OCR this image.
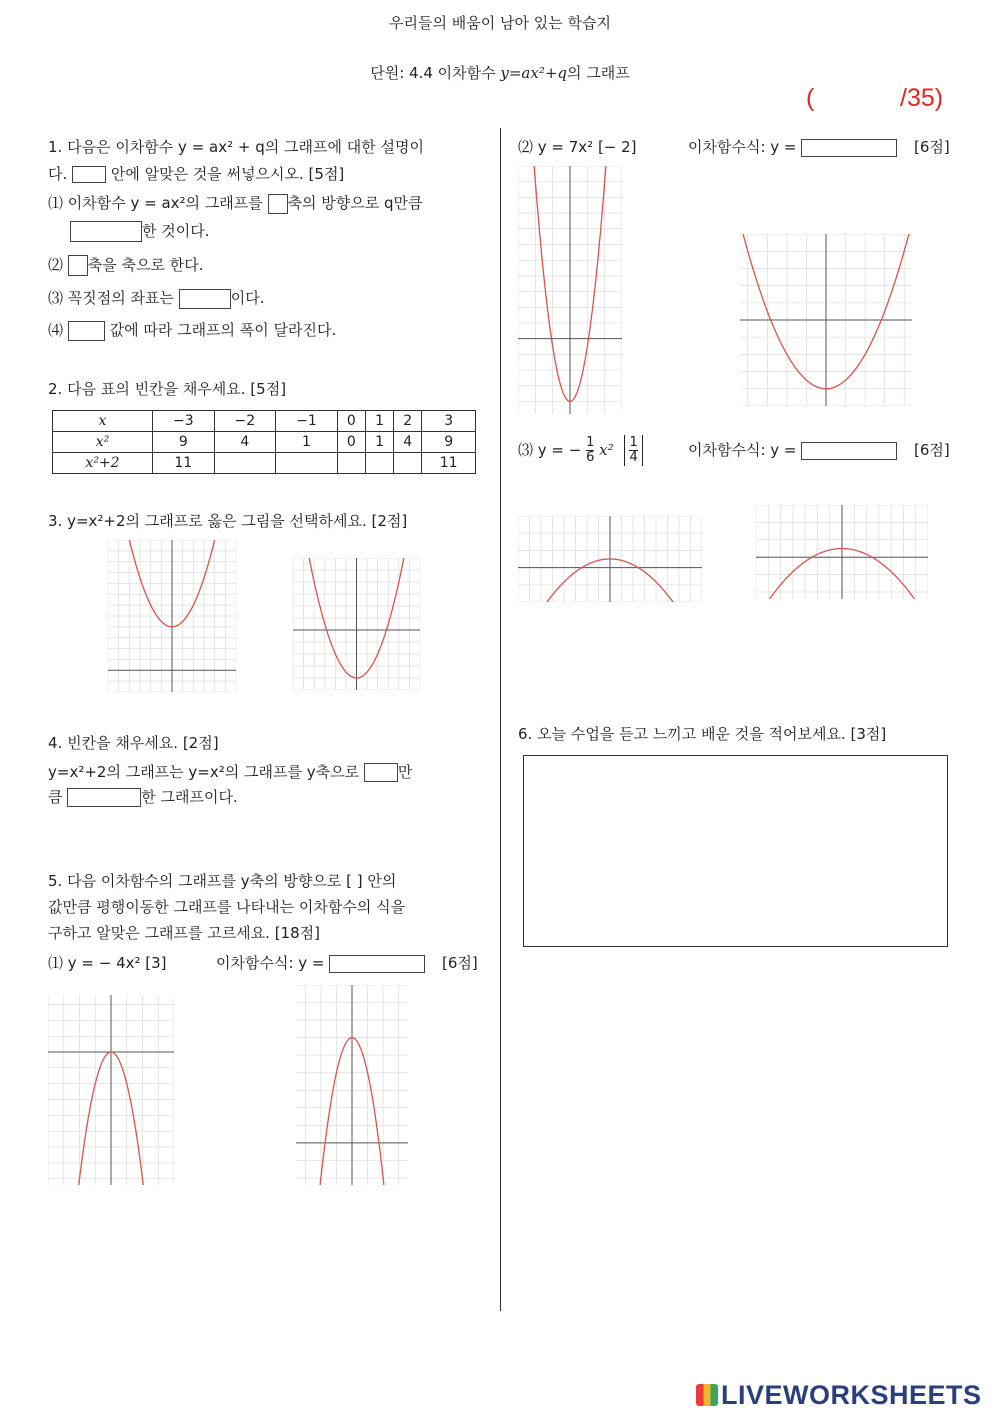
우리들의 배움이 남아 있는 학습지
단원: 4.4 이차함수 y=ax²+q의 그래프
(	/35)
1. 다음은 이차함수 y = ax² + q의 그래프에 대한 설명이
다.	안에 알맞은 것을 써넣으시오. [5점]
⑴ 이차함수 y = ax²의 그래프를 축의 방향으로 q만큼
한 것이다.
⑵ 축을 축으로 한다.
⑶ 꼭짓점의 좌표는	이다.
⑷	값에 따라 그래프의 폭이 달라진다.
2. 다음 표의 빈칸을 채우세요. [5점]
x	−3	−2	−1	0	1	2	3
x²	9	4	1	0	1	4	9
x²+2	11						11
3. y=x²+2의 그래프로 옳은 그림을 선택하세요. [2점]
4. 빈칸을 채우세요. [2점]
y=x²+2의 그래프는 y=x²의 그래프를 y축으로	만
큼	한 그래프이다.
5. 다음 이차함수의 그래프를 y축의 방향으로 [ ] 안의
값만큼 평행이동한 그래프를 나타내는 이차함수의 식을
구하고 알맞은 그래프를 고르세요. [18점]
⑴ y = − 4x² [3]	이차함수식: y =	[6점]
⑵ y = 7x² [− 2]	이차함수식: y =	[6점]
⑶ y = − $\frac{1}{6} x^2 \frac{1}{4}$	이차함수식: y =	[6점]
6. 오늘 수업을 듣고 느끼고 배운 것을 적어보세요. [3점]
LIVEWORKSHEETS
